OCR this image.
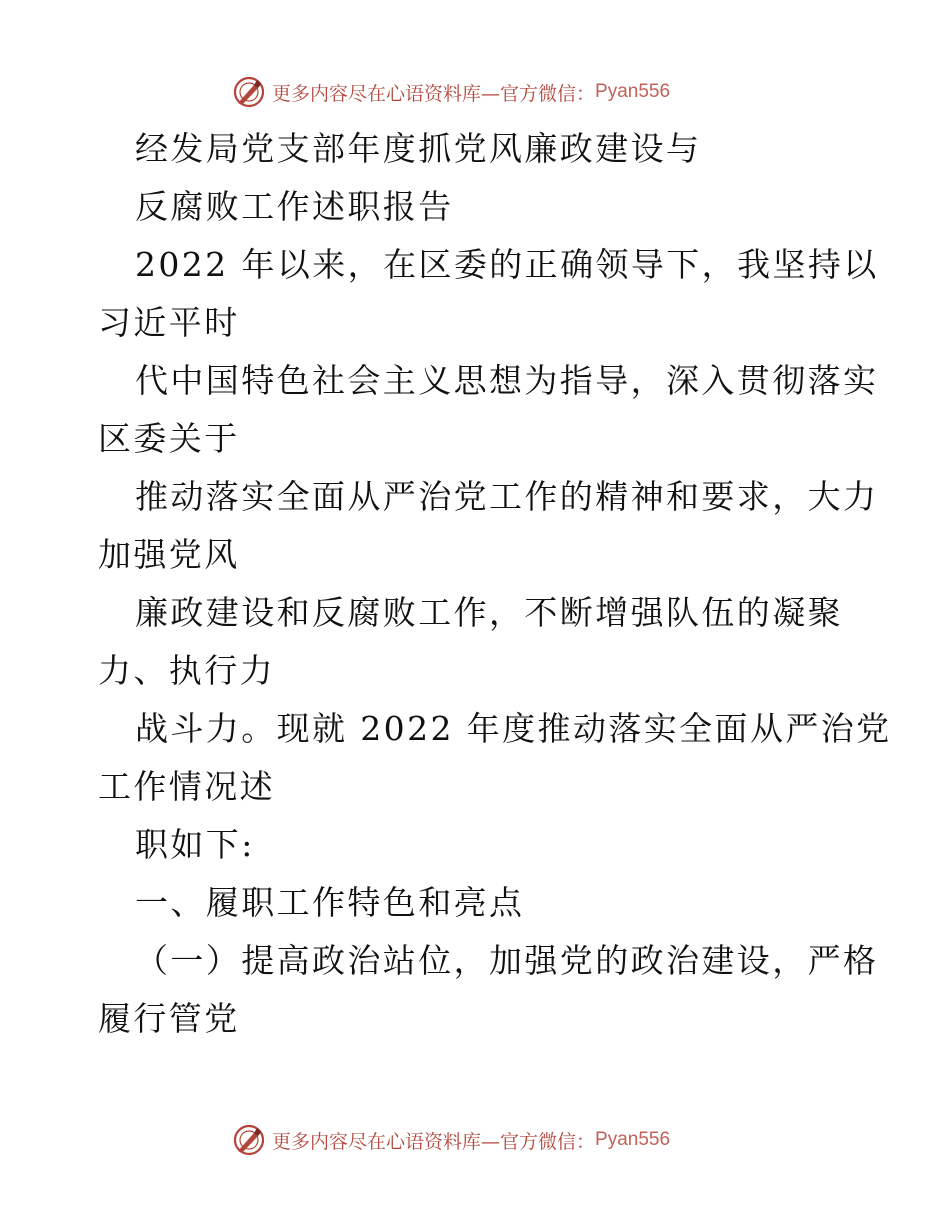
更多内容尽在心语资料库—官方微信： Pyan556
经发局党支部年度抓党风廉政建设与
反腐败工作述职报告
2022 年以来，在区委的正确领导下，我坚持以
习近平时
代中国特色社会主义思想为指导，深入贯彻落实
区委关于
推动落实全面从严治党工作的精神和要求，大力
加强党风
廉政建设和反腐败工作，不断增强队伍的凝聚
力、执行力
战斗力。现就 2022 年度推动落实全面从严治党
工作情况述
职如下:
一、履职工作特色和亮点
（一）提高政治站位，加强党的政治建设，严格
履行管党
更多内容尽在心语资料库—官方微信： Pyan556
